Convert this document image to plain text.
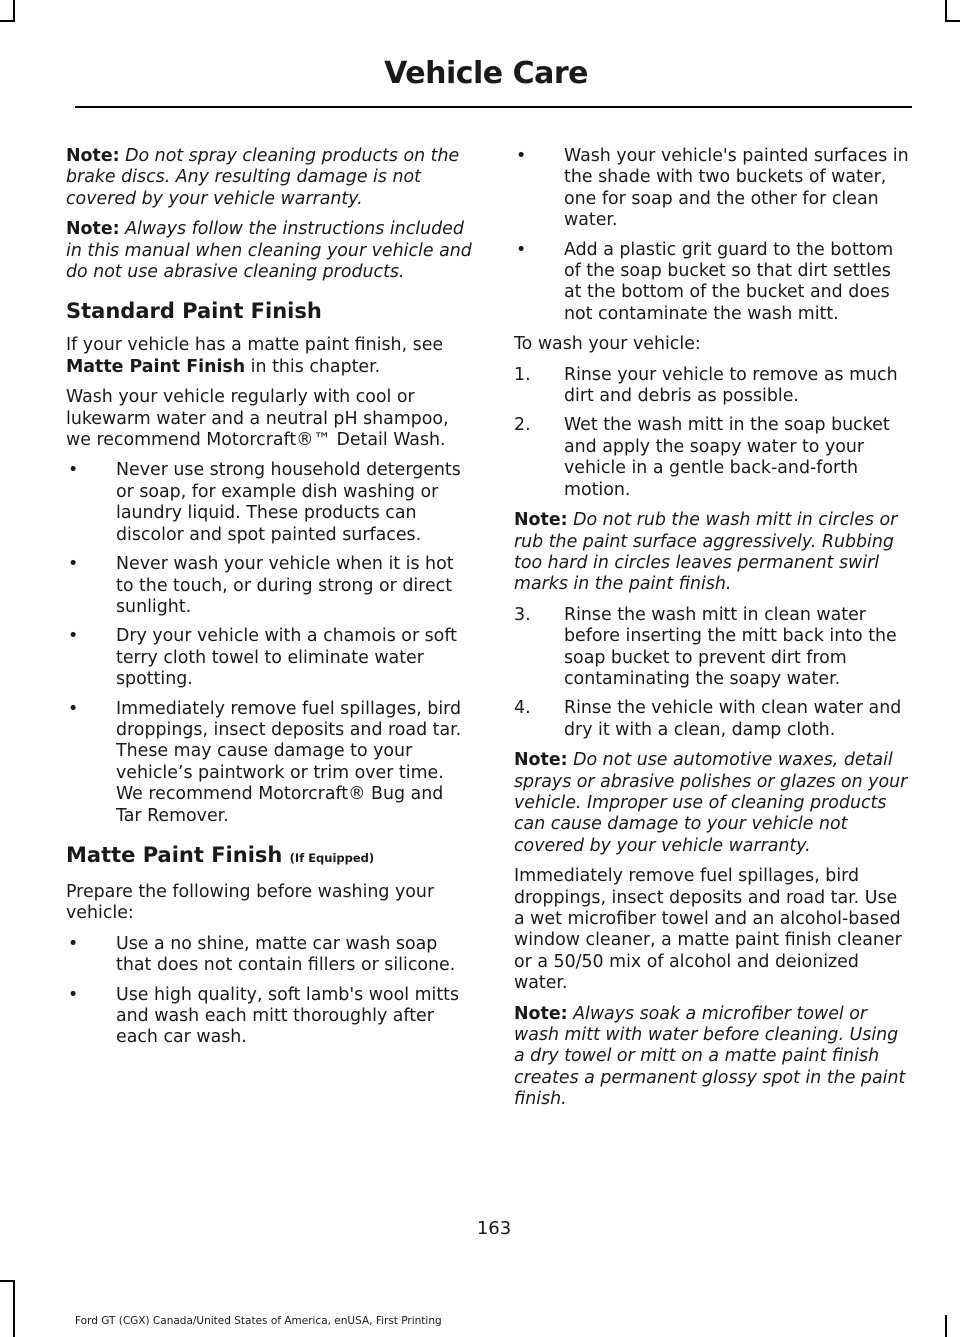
Vehicle Care

Note: Do not spray cleaning products on the brake discs. Any resulting damage is not covered by your vehicle warranty.

Note: Always follow the instructions included in this manual when cleaning your vehicle and do not use abrasive cleaning products.

Standard Paint Finish

If your vehicle has a matte paint finish, see Matte Paint Finish in this chapter.

Wash your vehicle regularly with cool or lukewarm water and a neutral pH shampoo, we recommend Motorcraft®™ Detail Wash.

•	Never use strong household detergents or soap, for example dish washing or laundry liquid. These products can discolor and spot painted surfaces.
•	Never wash your vehicle when it is hot to the touch, or during strong or direct sunlight.
•	Dry your vehicle with a chamois or soft terry cloth towel to eliminate water spotting.
•	Immediately remove fuel spillages, bird droppings, insect deposits and road tar. These may cause damage to your vehicle’s paintwork or trim over time. We recommend Motorcraft® Bug and Tar Remover.
Matte Paint Finish (If Equipped)

Prepare the following before washing your vehicle:

•	Use a no shine, matte car wash soap that does not contain fillers or silicone.
•	Use high quality, soft lamb's wool mitts and wash each mitt thoroughly after each car wash.
•	Wash your vehicle's painted surfaces in the shade with two buckets of water, one for soap and the other for clean water.
•	Add a plastic grit guard to the bottom of the soap bucket so that dirt settles at the bottom of the bucket and does not contaminate the wash mitt.

To wash your vehicle:

1.	Rinse your vehicle to remove as much dirt and debris as possible.
2.	Wet the wash mitt in the soap bucket and apply the soapy water to your vehicle in a gentle back-and-forth motion.

Note: Do not rub the wash mitt in circles or rub the paint surface aggressively. Rubbing too hard in circles leaves permanent swirl marks in the paint finish.

3.	Rinse the wash mitt in clean water before inserting the mitt back into the soap bucket to prevent dirt from contaminating the soapy water.
4.	Rinse the vehicle with clean water and dry it with a clean, damp cloth.

Note: Do not use automotive waxes, detail sprays or abrasive polishes or glazes on your vehicle. Improper use of cleaning products can cause damage to your vehicle not covered by your vehicle warranty.

Immediately remove fuel spillages, bird droppings, insect deposits and road tar. Use a wet microfiber towel and an alcohol-based window cleaner, a matte paint finish cleaner or a 50/50 mix of alcohol and deionized water.

Note: Always soak a microfiber towel or wash mitt with water before cleaning. Using a dry towel or mitt on a matte paint finish creates a permanent glossy spot in the paint finish.

163
Ford GT (CGX) Canada/United States of America, enUSA, First Printing
